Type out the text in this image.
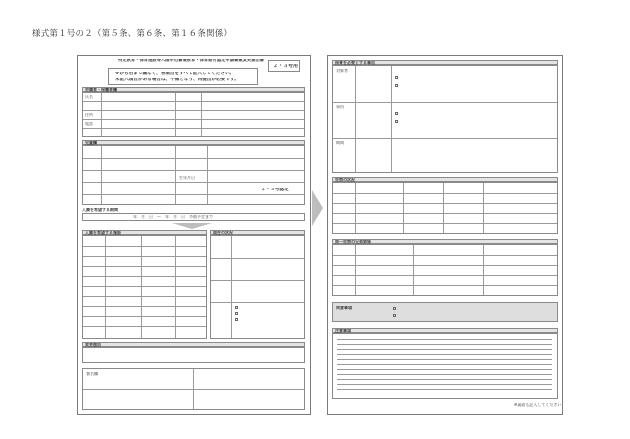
様式第１号の２（第５条、第６条、第１６条関係）
特定教育・保育施設等入園申込書兼教育・保育給付認定申請書兼変更届出書
２・３号用
※から右まで漏なく、各項目をすべて記入してください。
未記入項目がある場合は、不備となり、再提出が必要です。
申請者・保護者欄
氏名
住所
電話
児童欄
生年月日
２・３号認定
入園を希望する期間
年　月　日　～　年　月　日　卒園予定まで
入園を希望する施設	現在の状況
変更理由
署名欄
保育を必要とする事由
対象者
事由
期間
世帯の状況
同一世帯の兄弟姉妹
同意事項
注意事項
※裏面も記入してください
